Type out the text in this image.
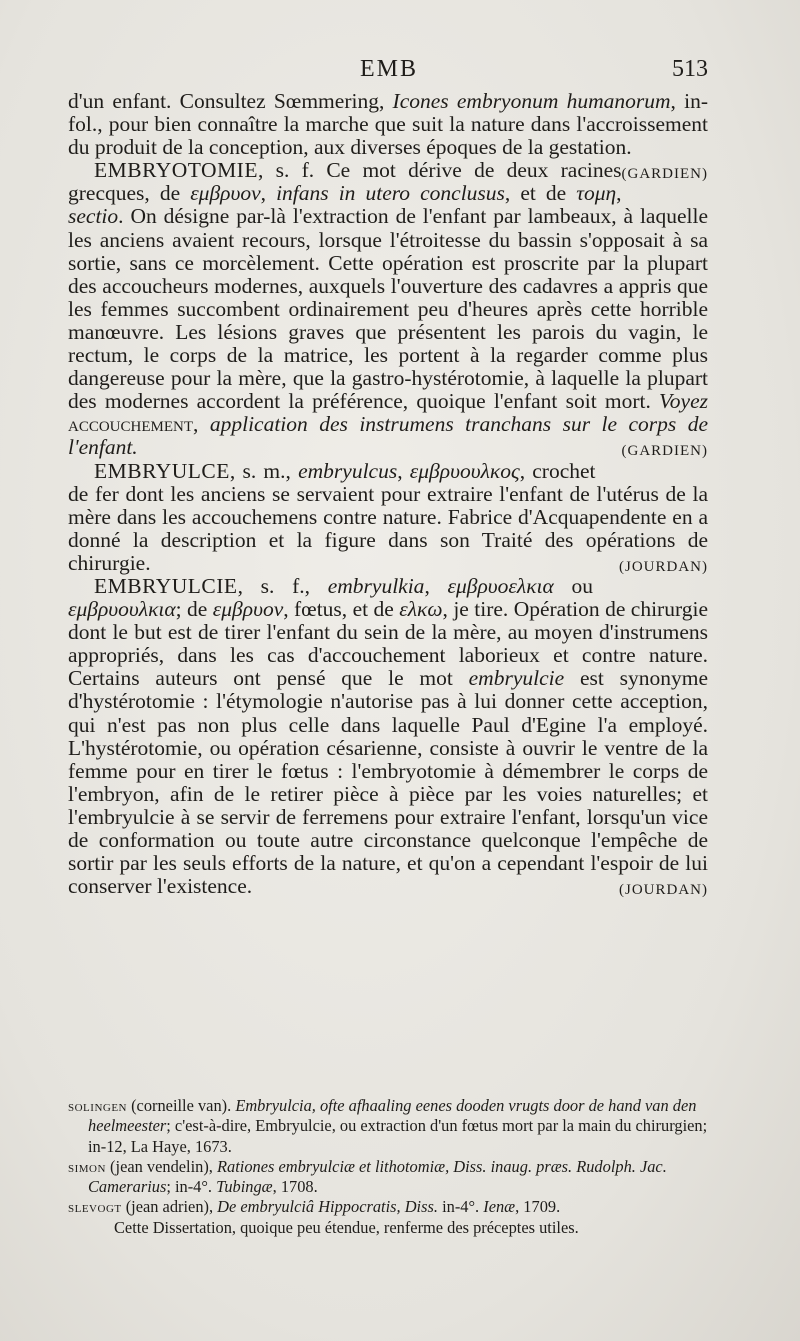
EMB	513

d'un enfant. Consultez Sœmmering, Icones embryonum humanorum, in-fol., pour bien connaître la marche que suit la nature dans l'accroissement du produit de la conception, aux diverses époques de la gestation.
(GARDIEN)

EMBRYOTOMIE, s. f. Ce mot dérive de deux racines grecques, de εμβρυον, infans in utero conclusus, et de τομη, sectio. On désigne par-là l'extraction de l'enfant par lambeaux, à laquelle les anciens avaient recours, lorsque l'étroitesse du bassin s'opposait à sa sortie, sans ce morcèlement. Cette opération est proscrite par la plupart des accoucheurs modernes, auxquels l'ouverture des cadavres a appris que les femmes succombent ordinairement peu d'heures après cette horrible manœuvre. Les lésions graves que présentent les parois du vagin, le rectum, le corps de la matrice, les portent à la regarder comme plus dangereuse pour la mère, que la gastro-hystérotomie, à laquelle la plupart des modernes accordent la préférence, quoique l'enfant soit mort. Voyez accouchement, application des instrumens tranchans sur le corps de l'enfant.	(GARDIEN)

EMBRYULCE, s. m., embryulcus, εμβρυουλκος, crochet de fer dont les anciens se servaient pour extraire l'enfant de l'utérus de la mère dans les accouchemens contre nature. Fabrice d'Acquapendente en a donné la description et la figure dans son Traité des opérations de chirurgie.	(JOURDAN)

EMBRYULCIE, s. f., embryulkia, εμβρυοελκια ou εμβρυουλκια; de εμβρυον, fœtus, et de ελκω, je tire. Opération de chirurgie dont le but est de tirer l'enfant du sein de la mère, au moyen d'instrumens appropriés, dans les cas d'accouchement laborieux et contre nature. Certains auteurs ont pensé que le mot embryulcie est synonyme d'hystérotomie : l'étymologie n'autorise pas à lui donner cette acception, qui n'est pas non plus celle dans laquelle Paul d'Egine l'a employé. L'hystérotomie, ou opération césarienne, consiste à ouvrir le ventre de la femme pour en tirer le fœtus : l'embryotomie à démembrer le corps de l'embryon, afin de le retirer pièce à pièce par les voies naturelles; et l'embryulcie à se servir de ferremens pour extraire l'enfant, lorsqu'un vice de conformation ou toute autre circonstance quelconque l'empêche de sortir par les seuls efforts de la nature, et qu'on a cependant l'espoir de lui conserver l'existence.	(JOURDAN)

solingen (corneille van). Embryulcia, ofte afhaaling eenes dooden vrugts door de hand van den heelmeester; c'est-à-dire, Embryulcie, ou extraction d'un fœtus mort par la main du chirurgien; in-12, La Haye, 1673.

simon (jean vendelin), Rationes embryulciæ et lithotomiæ, Diss. inaug. præs. Rudolph. Jac. Camerarius; in-4°. Tubingæ, 1708.

slevogt (jean adrien), De embryulciâ Hippocratis, Diss. in-4°. Ienæ, 1709.

Cette Dissertation, quoique peu étendue, renferme des préceptes utiles.
